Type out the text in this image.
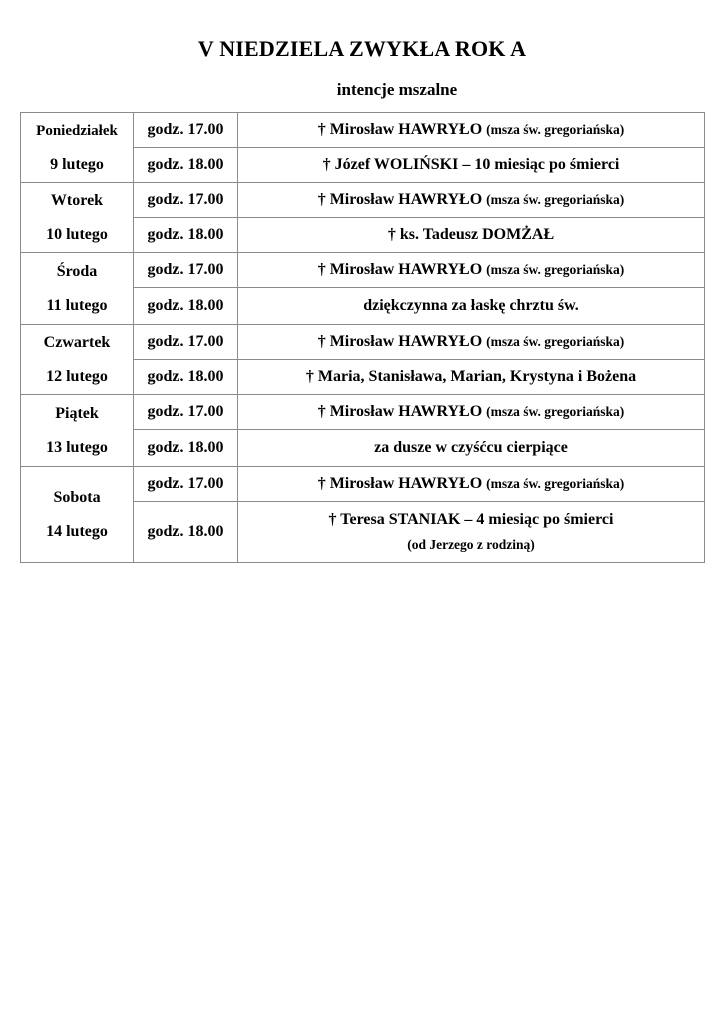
V NIEDZIELA ZWYKŁA ROK A
intencje mszalne
Poniedziałek
9 lutego	godz. 17.00	† Mirosław HAWRYŁO (msza św. gregoriańska)
	godz. 18.00	† Józef WOLIŃSKI – 10 miesiąc po śmierci

Wtorek
10 lutego	godz. 17.00	† Mirosław HAWRYŁO (msza św. gregoriańska)
	godz. 18.00	† ks. Tadeusz DOMŻAŁ

Środa
11 lutego	godz. 17.00	† Mirosław HAWRYŁO (msza św. gregoriańska)
	godz. 18.00	dziękczynna za łaskę chrztu św.

Czwartek
12 lutego	godz. 17.00	† Mirosław HAWRYŁO (msza św. gregoriańska)
	godz. 18.00	† Maria, Stanisława, Marian, Krystyna i Bożena

Piątek
13 lutego	godz. 17.00	† Mirosław HAWRYŁO (msza św. gregoriańska)
	godz. 18.00	za dusze w czyśćcu cierpiące

Sobota
14 lutego	godz. 17.00	† Mirosław HAWRYŁO (msza św. gregoriańska)
	godz. 18.00	† Teresa STANIAK – 4 miesiąc po śmierci
(od Jerzego z rodziną)
